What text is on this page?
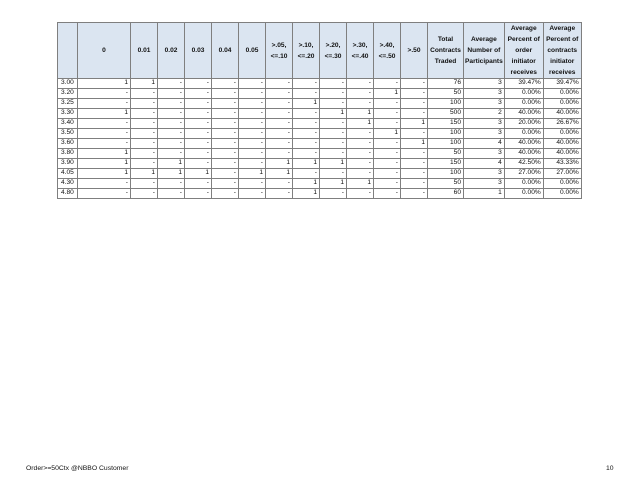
	0	0.01	0.02	0.03	0.04	0.05	>.05, <=.10	>.10, <=.20	>.20, <=.30	>.30, <=.40	>.40, <=.50	>.50	Total Contracts Traded	Average Number of Participants	Average Percent of order initiator receives	Average Percent of contracts initiator receives
3.00	1	1	-	-	-	-	-	-	-	-	-	-	76	3	39.47%	39.47%
3.20	-	-	-	-	-	-	-	-	-	-	1	-	50	3	0.00%	0.00%
3.25	-	-	-	-	-	-	-	1	-	-	-	-	100	3	0.00%	0.00%
3.30	1	-	-	-	-	-	-	-	1	1	-	-	500	2	40.00%	40.00%
3.40	-	-	-	-	-	-	-	-	-	1	-	1	150	3	20.00%	26.67%
3.50	-	-	-	-	-	-	-	-	-	-	1	-	100	3	0.00%	0.00%
3.60	-	-	-	-	-	-	-	-	-	-	-	1	100	4	40.00%	40.00%
3.80	1	-	-	-	-	-	-	-	-	-	-	-	50	3	40.00%	40.00%
3.90	1	-	1	-	-	-	1	1	1	-	-	-	150	4	42.50%	43.33%
4.05	1	1	1	1	-	1	1	-	-	-	-	-	100	3	27.00%	27.00%
4.30	-	-	-	-	-	-	-	1	1	1	-	-	50	3	0.00%	0.00%
4.80	-	-	-	-	-	-	-	1	-	-	-	-	60	1	0.00%	0.00%
Order>=50Ctx @NBBO Customer	10
